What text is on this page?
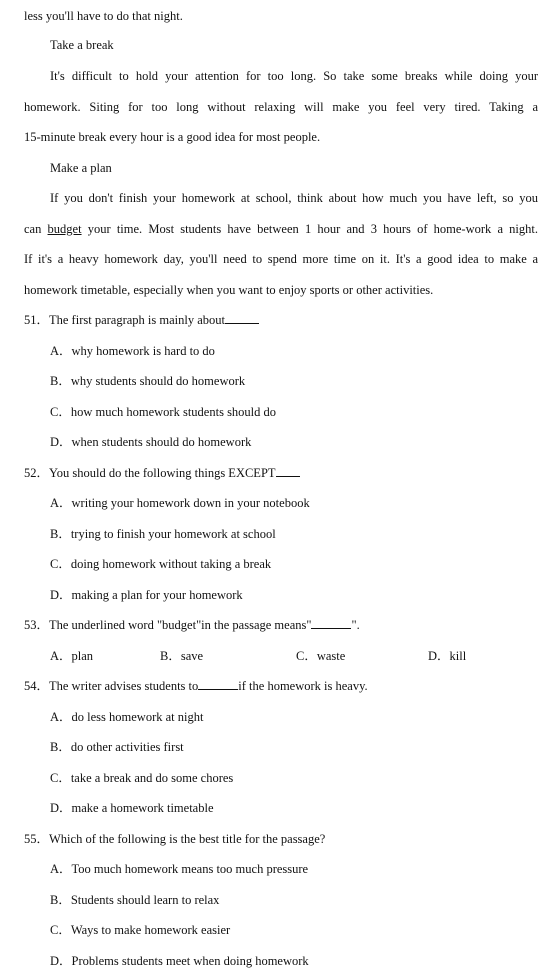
less you'll have to do that night.
Take a break
It's difficult to hold your attention for too long. So take some breaks while doing your
homework. Siting for too long without relaxing will make you feel very tired. Taking a
15-minute break every hour is a good idea for most people.
Make a plan
If you don't finish your homework at school, think about how much you have left, so you
can budget your time. Most students have between 1 hour and 3 hours of home-work a night.
If it's a heavy homework day, you'll need to spend more time on it. It's a good idea to make a
homework timetable, especially when you want to enjoy sports or other activities.
51．The first paragraph is mainly about
A．why homework is hard to do
B．why students should do homework
C．how much homework students should do
D．when students should do homework
52．You should do the following things EXCEPT
A．writing your homework down in your notebook
B．trying to finish your homework at school
C．doing homework without taking a break
D．making a plan for your homework
53．The underlined word "budget"in the passage means"	".
A．plan	B．save	C．waste	D．kill
54．The writer advises students to	if the homework is heavy.
A．do less homework at night
B．do other activities first
C．take a break and do some chores
D．make a homework timetable
55．Which of the following is the best title for the passage?
A．Too much homework means too much pressure
B．Students should learn to relax
C．Ways to make homework easier
D．Problems students meet when doing homework
